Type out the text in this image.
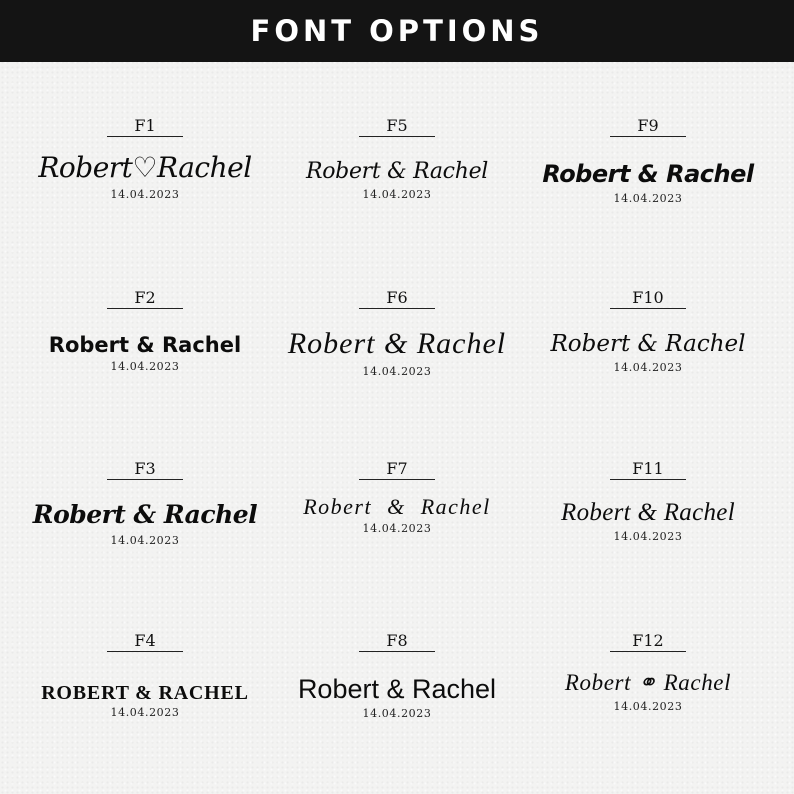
FONT OPTIONS
F1
Robert♡Rachel
14.04.2023
F2
Robert & Rachel
14.04.2023
F3
Robert & Rachel
14.04.2023
F4
ROBERT & RACHEL
14.04.2023
F5
Robert & Rachel
14.04.2023
F6
Robert & Rachel
14.04.2023
F7
Robert & Rachel
14.04.2023
F8
Robert & Rachel
14.04.2023
F9
Robert & Rachel
14.04.2023
F10
Robert & Rachel
14.04.2023
F11
Robert & Rachel
14.04.2023
F12
Robert ⚭ Rachel
14.04.2023
